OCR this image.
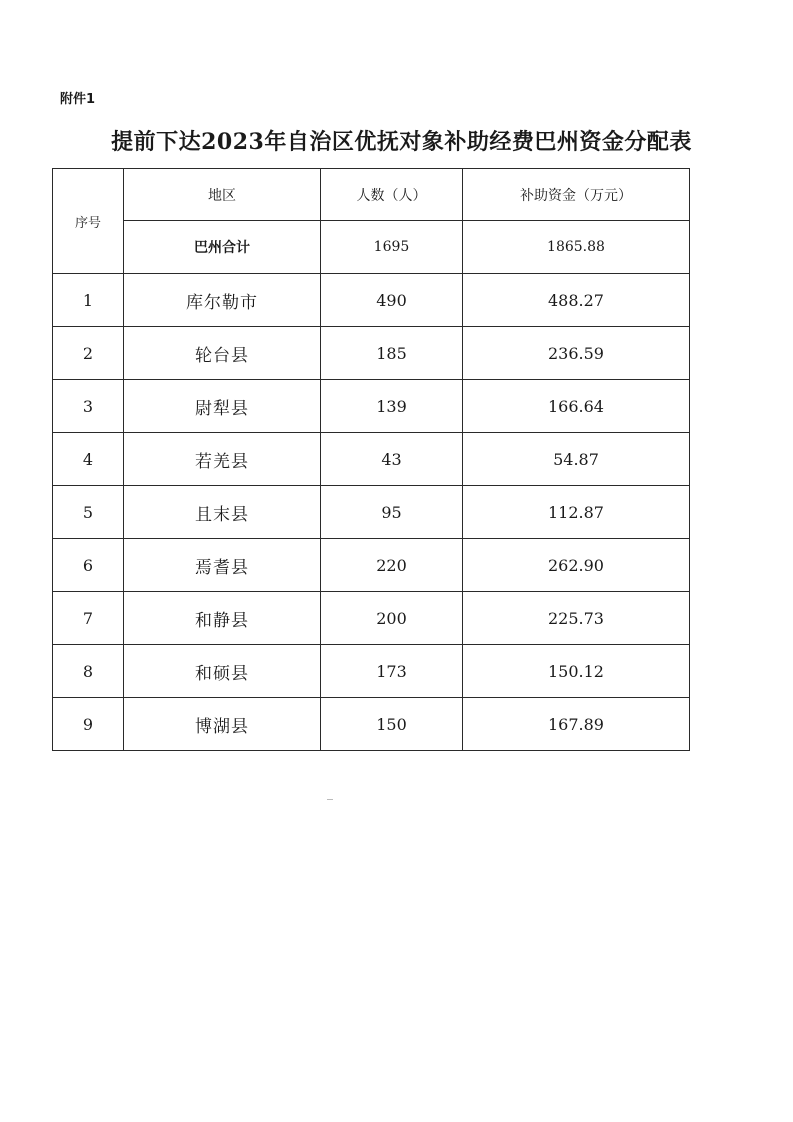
附件1
提前下达2023年自治区优抚对象补助经费巴州资金分配表
序号	地区	人数（人）	补助资金（万元）
	巴州合计	1695	1865.88
1	库尔勒市	490	488.27
2	轮台县	185	236.59
3	尉犁县	139	166.64
4	若羌县	43	54.87
5	且末县	95	112.87
6	焉耆县	220	262.90
7	和静县	200	225.73
8	和硕县	173	150.12
9	博湖县	150	167.89
